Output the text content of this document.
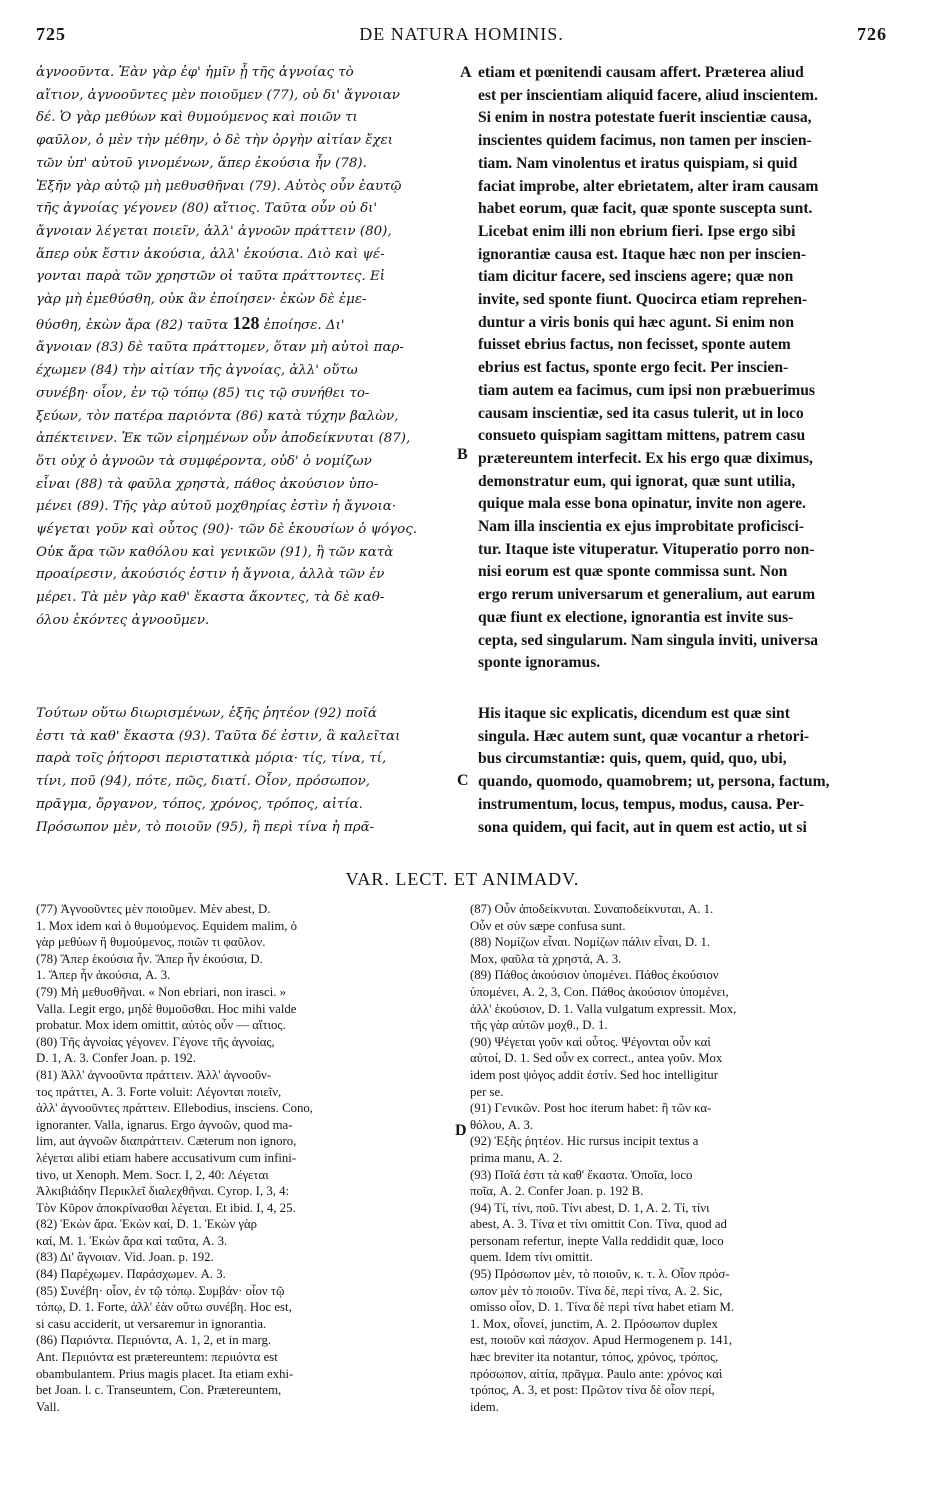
725	DE NATURA HOMINIS.	726
ἀγνοοῦντα. Ἐὰν γὰρ ἐφ' ἡμῖν ᾖ τῆς ἀγνοίας τὸ
αἴτιον, ἀγνοοῦντες μὲν ποιοῦμεν (77), οὐ δι' ἄγνοιαν
δέ. Ὁ γὰρ μεθύων καὶ θυμούμενος καὶ ποιῶν τι
φαῦλον, ὁ μὲν τὴν μέθην, ὁ δὲ τὴν ὀργὴν αἰτίαν ἔχει
τῶν ὑπ' αὐτοῦ γινομένων, ἅπερ ἑκούσια ἦν (78).
Ἐξῆν γὰρ αὐτῷ μὴ μεθυσθῆναι (79). Αὐτὸς οὖν ἑαυτῷ
τῆς ἀγνοίας γέγονεν (80) αἴτιος. Ταῦτα οὖν οὐ δι'
ἄγνοιαν λέγεται ποιεῖν, ἀλλ' ἀγνοῶν πράττειν (80),
ἅπερ οὐκ ἔστιν ἀκούσια, ἀλλ' ἑκούσια. Διὸ καὶ ψέ-
γονται παρὰ τῶν χρηστῶν οἱ ταῦτα πράττοντες. Εἰ
γὰρ μὴ ἐμεθύσθη, οὐκ ἂν ἐποίησεν· ἑκὼν δὲ ἐμε-
θύσθη, ἑκὼν ἄρα (82) ταῦτα 128 ἐποίησε. Δι'
ἄγνοιαν (83) δὲ ταῦτα πράττομεν, ὅταν μὴ αὐτοὶ παρ-
έχωμεν (84) τὴν αἰτίαν τῆς ἀγνοίας, ἀλλ' οὕτω
συνέβη· οἷον, ἐν τῷ τόπῳ (85) τις τῷ συνήθει το-
ξεύων, τὸν πατέρα παριόντα (86) κατὰ τύχην βαλὼν,
ἀπέκτεινεν. Ἐκ τῶν εἰρημένων οὖν ἀποδείκνυται (87),
ὅτι οὐχ ὁ ἀγνοῶν τὰ συμφέροντα, οὐδ' ὁ νομίζων
εἶναι (88) τὰ φαῦλα χρηστὰ, πάθος ἀκούσιον ὑπο-
μένει (89). Τῆς γὰρ αὐτοῦ μοχθηρίας ἐστὶν ἡ ἄγνοια·
ψέγεται γοῦν καὶ οὗτος (90)· τῶν δὲ ἑκουσίων ὁ ψόγος.
Οὐκ ἄρα τῶν καθόλου καὶ γενικῶν (91), ἢ τῶν κατὰ
προαίρεσιν, ἀκούσιός ἐστιν ἡ ἄγνοια, ἀλλὰ τῶν ἐν
μέρει. Τὰ μὲν γὰρ καθ' ἕκαστα ἄκοντες, τὰ δὲ καθ-
όλου ἑκόντες ἀγνοοῦμεν.
etiam et pœnitendi causam affert. Præterea aliud
est per inscientiam aliquid facere, aliud inscientem.
Si enim in nostra potestate fuerit inscientiæ causa,
inscientes quidem facimus, non tamen per inscien-
tiam. Nam vinolentus et iratus quispiam, si quid
faciat improbe, alter ebrietatem, alter iram causam
habet eorum, quæ facit, quæ sponte suscepta sunt.
Licebat enim illi non ebrium fieri. Ipse ergo sibi
ignorantiæ causa est. Itaque hæc non per inscien-
tiam dicitur facere, sed insciens agere; quæ non
invite, sed sponte fiunt. Quocirca etiam reprehen-
duntur a viris bonis qui hæc agunt. Si enim non
fuisset ebrius factus, non fecisset, sponte autem
ebrius est factus, sponte ergo fecit. Per inscien-
tiam autem ea facimus, cum ipsi non præbuerimus
causam inscientiæ, sed ita casus tulerit, ut in loco
consueto quispiam sagittam mittens, patrem casu
prætereuntem interfecit. Ex his ergo quæ diximus,
demonstratur eum, qui ignorat, quæ sunt utilia,
quique mala esse bona opinatur, invite non agere.
Nam illa inscientia ex ejus improbitate proficisci-
tur. Itaque iste vituperatur. Vituperatio porro non-
nisi eorum est quæ sponte commissa sunt. Non
ergo rerum universarum et generalium, aut earum
quæ fiunt ex electione, ignorantia est invite sus-
cepta, sed singularum. Nam singula inviti, universa
sponte ignoramus.
A
B
C
D
Τούτων οὕτω διωρισμένων, ἑξῆς ῥητέον (92) ποῖά
ἐστι τὰ καθ' ἕκαστα (93). Ταῦτα δέ ἐστιν, ἃ καλεῖται
παρὰ τοῖς ῥήτορσι περιστατικὰ μόρια· τίς, τίνα, τί,
τίνι, ποῦ (94), πότε, πῶς, διατί. Οἷον, πρόσωπον,
πρᾶγμα, ὄργανον, τόπος, χρόνος, τρόπος, αἰτία.
Πρόσωπον μὲν, τὸ ποιοῦν (95), ἢ περὶ τίνα ἡ πρᾶ-
His itaque sic explicatis, dicendum est quæ sint
singula. Hæc autem sunt, quæ vocantur a rhetori-
bus circumstantiæ: quis, quem, quid, quo, ubi,
quando, quomodo, quamobrem; ut, persona, factum,
instrumentum, locus, tempus, modus, causa. Per-
sona quidem, qui facit, aut in quem est actio, ut si
VAR. LECT. ET ANIMADV.
(77) Ἀγνοοῦντες μὲν ποιοῦμεν. Μὲν abest, D.
1. Mox idem καὶ ὁ θυμούμενος. Equidem malim, ὁ
γὰρ μεθύων ἢ θυμούμενος, ποιῶν τι φαῦλον.
(78) Ἅπερ ἑκούσια ἦν. Ἅπερ ἦν ἑκούσια, D.
1. Ἅπερ ἦν ἀκούσια, A. 3.
(79) Μὴ μεθυσθῆναι. « Non ebriari, non irasci. »
Valla. Legit ergo, μηδὲ θυμοῦσθαι. Hoc mihi valde
probatur. Mox idem omittit, αὐτὸς οὖν — αἴτιος.
(80) Τῆς ἀγνοίας γέγονεν. Γέγονε τῆς ἀγνοίας,
D. 1, A. 3. Confer Joan. p. 192.
(81) Ἀλλ' ἀγνοοῦντα πράττειν. Ἀλλ' ἀγνοοῦν-
τος πράττει, A. 3. Forte voluit: Λέγονται ποιεῖν,
ἀλλ' ἀγνοοῦντες πράττειν. Ellebodius, insciens. Cono,
ignoranter. Valla, ignarus. Ergo ἀγνοῶν, quod ma-
lim, aut ἀγνοῶν διαπράττειν. Cæterum non ignoro,
λέγεται alibi etiam habere accusativum cum infini-
tivo, ut Xenoph. Mem. Socr. I, 2, 40: Λέγεται
Ἀλκιβιάδην Περικλεῖ διαλεχθῆναι. Cyrop. I, 3, 4:
Τὸν Κῦρον ἀποκρίνασθαι λέγεται. Et ibid. I, 4, 25.
(82) Ἑκὼν ἄρα. Ἑκὼν καί, D. 1. Ἑκὼν γὰρ
καί, M. 1. Ἑκὼν ἄρα καὶ ταῦτα, A. 3.
(83) Δι' ἄγνοιαν. Vid. Joan. p. 192.
(84) Παρέχωμεν. Παράσχωμεν. A. 3.
(85) Συνέβη· οἷον, ἐν τῷ τόπῳ. Συμβάν· οἷον τῷ
τόπῳ, D. 1. Forte, ἀλλ' ἐὰν οὕτω συνέβη. Hoc est,
si casu acciderit, ut versaremur in ignorantia.
(86) Παριόντα. Περιιόντα, A. 1, 2, et in marg.
Ant. Περιιόντα est prætereuntem: περιιόντα est
obambulantem. Prius magis placet. Ita etiam exhi-
bet Joan. l. c. Transeuntem, Con. Prætereuntem,
Vall.
(87) Οὖν ἀποδείκνυται. Συναποδείκνυται, A. 1.
Οὖν et σὺν sæpe confusa sunt.
(88) Νομίζων εἶναι. Νομίζων πάλιν εἶναι, D. 1.
Mox, φαῦλα τὰ χρηστά, A. 3.
(89) Πάθος ἀκούσιον ὑπομένει. Πάθος ἑκούσιον
ὑπομένει, A. 2, 3, Con. Πάθος ἀκούσιον ὑπομένει,
ἀλλ' ἑκούσιον, D. 1. Valla vulgatum expressit. Mox,
τῆς γὰρ αὐτῶν μοχθ., D. 1.
(90) Ψέγεται γοῦν καὶ οὗτος. Ψέγονται οὖν καὶ
αὐτοί, D. 1. Sed οὖν ex correct., antea γοῦν. Mox
idem post ψόγος addit ἐστίν. Sed hoc intelligitur
per se.
(91) Γενικῶν. Post hoc iterum habet: ἢ τῶν κα-
θόλου, A. 3.
(92) Ἑξῆς ῥητέον. Hic rursus incipit textus a
prima manu, A. 2.
(93) Ποῖά ἐστι τὰ καθ' ἕκαστα. Ὁποῖα, loco
ποῖα, A. 2. Confer Joan. p. 192 B.
(94) Τί, τίνι, ποῦ. Τίνι abest, D. 1, A. 2. Τί, τίνι
abest, A. 3. Τίνα et τίνι omittit Con. Τίνα, quod ad
personam refertur, inepte Valla reddidit quæ, loco
quem. Idem τίνι omittit.
(95) Πρόσωπον μὲν, τὸ ποιοῦν, κ. τ. λ. Οἷον πρόσ-
ωπον μὲν τὸ ποιοῦν. Τίνα δὲ, περὶ τίνα, A. 2. Sic,
omisso οἷον, D. 1. Τίνα δὲ περὶ τίνα habet etiam M.
1. Mox, οἷονεί, junctim, A. 2. Πρόσωπον duplex
est, ποιοῦν καὶ πάσχον. Apud Hermogenem p. 141,
hæc breviter ita notantur, τόπος, χρόνος, τρόπος,
πρόσωπον, αἰτία, πρᾶγμα. Paulo ante: χρόνος καὶ
τρόπος, A. 3, et post: Πρῶτον τίνα δὲ οἷον περί,
idem.
